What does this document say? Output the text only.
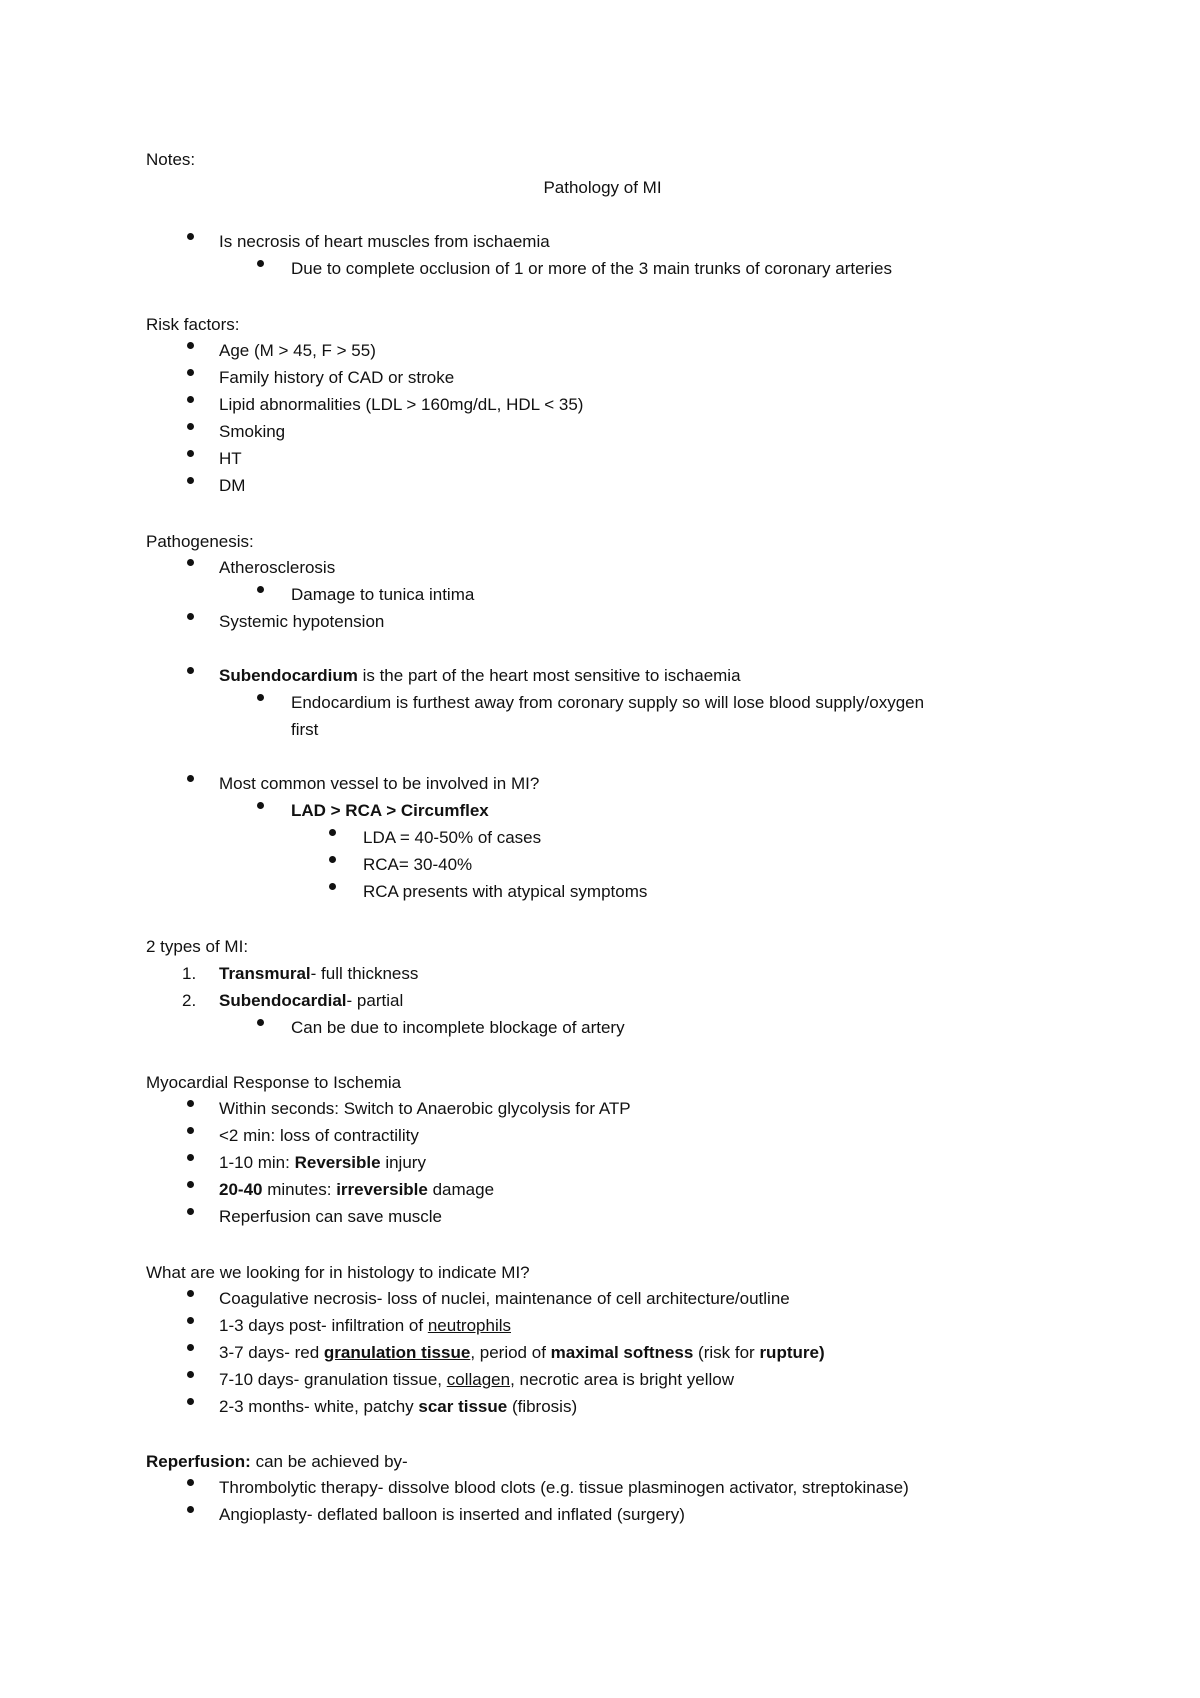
Notes:
Pathology of MI
Is necrosis of heart muscles from ischaemia
Due to complete occlusion of 1 or more of the 3 main trunks of coronary arteries
Risk factors:
Age (M > 45, F > 55)
Family history of CAD or stroke
Lipid abnormalities (LDL > 160mg/dL, HDL < 35)
Smoking
HT
DM
Pathogenesis:
Atherosclerosis
Damage to tunica intima
Systemic hypotension
Subendocardium is the part of the heart most sensitive to ischaemia
Endocardium is furthest away from coronary supply so will lose blood supply/oxygen
first
Most common vessel to be involved in MI?
LAD > RCA > Circumflex
LDA = 40-50% of cases
RCA= 30-40%
RCA presents with atypical symptoms
2 types of MI:
1. Transmural- full thickness
2. Subendocardial- partial
Can be due to incomplete blockage of artery
Myocardial Response to Ischemia
Within seconds: Switch to Anaerobic glycolysis for ATP
<2 min: loss of contractility
1-10 min: Reversible injury
20-40 minutes: irreversible damage
Reperfusion can save muscle
What are we looking for in histology to indicate MI?
Coagulative necrosis- loss of nuclei, maintenance of cell architecture/outline
1-3 days post- infiltration of neutrophils
3-7 days- red granulation tissue, period of maximal softness (risk for rupture)
7-10 days- granulation tissue, collagen, necrotic area is bright yellow
2-3 months- white, patchy scar tissue (fibrosis)
Reperfusion: can be achieved by-
Thrombolytic therapy- dissolve blood clots (e.g. tissue plasminogen activator, streptokinase)
Angioplasty- deflated balloon is inserted and inflated (surgery)
